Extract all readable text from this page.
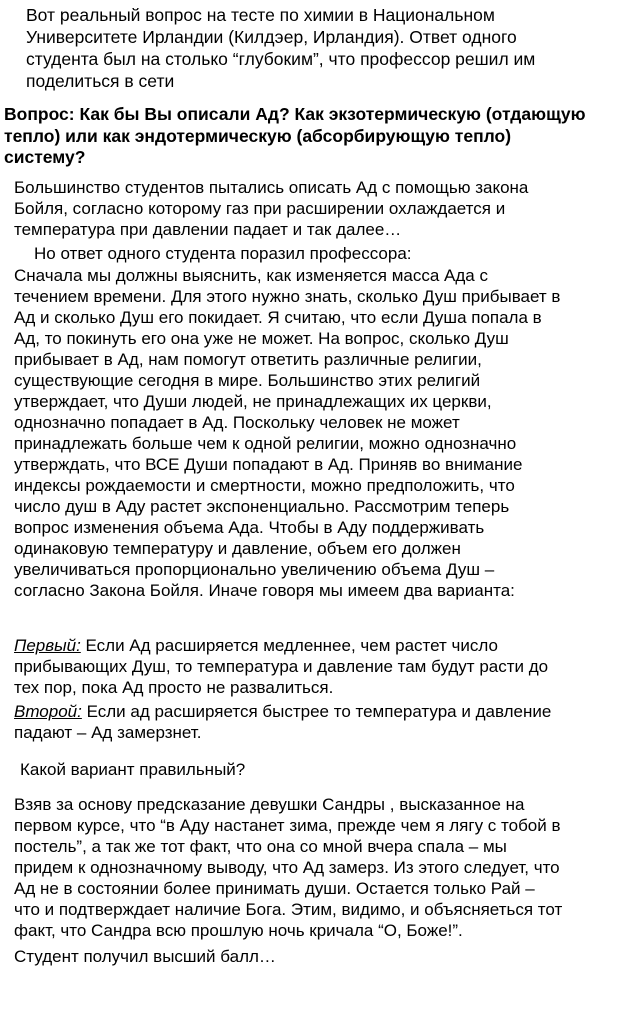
Вот реальный вопрос на тесте по химии в Национальном
Университете Ирландии (Килдэер, Ирландия). Ответ одного
студента был на столько “глубоким”, что профессор решил им
поделиться в сети
Вопрос: Как бы Вы описали Ад? Как экзотермическую (отдающую
тепло) или как эндотермическую (абсорбирующую тепло)
систему?
Большинство студентов пытались описать Ад с помощью закона
Бойля, согласно которому газ при расширении охлаждается и
температура при давлении падает и так далее…
Но ответ одного студента поразил профессора:
Сначала мы должны выяснить, как изменяется масса Ада с
течением времени. Для этого нужно знать, сколько Душ прибывает в
Ад и сколько Душ его покидает. Я считаю, что если Душа попала в
Ад, то покинуть его она уже не может. На вопрос, сколько Душ
прибывает в Ад, нам помогут ответить различные религии,
существующие сегодня в мире. Большинство этих религий
утверждает, что Души людей, не принадлежащих их церкви,
однозначно попадает в Ад. Поскольку человек не может
принадлежать больше чем к одной религии, можно однозначно
утверждать, что ВСЕ Души попадают в Ад. Приняв во внимание
индексы рождаемости и смертности, можно предположить, что
число душ в Аду растет экспоненциально. Рассмотрим теперь
вопрос изменения объема Ада. Чтобы в Аду поддерживать
одинаковую температуру и давление, объем его должен
увеличиваться пропорционально увеличению объема Душ –
согласно Закона Бойля. Иначе говоря мы имеем два варианта:
Первый: Если Ад расширяется медленнее, чем растет число
прибывающих Душ, то температура и давление там будут расти до
тех пор, пока Ад просто не развалиться.
Второй: Если ад расширяется быстрее то температура и давление
падают – Ад замерзнет.
Какой вариант правильный?
Взяв за основу предсказание девушки Сандры , высказанное на
первом курсе, что “в Аду настанет зима, прежде чем я лягу с тобой в
постель”, а так же тот факт, что она со мной вчера спала – мы
придем к однозначному выводу, что Ад замерз. Из этого следует, что
Ад не в состоянии более принимать души. Остается только Рай –
что и подтверждает наличие Бога. Этим, видимо, и объясняеться тот
факт, что Сандра всю прошлую ночь кричала “О, Боже!”.
Студент получил высший балл…
